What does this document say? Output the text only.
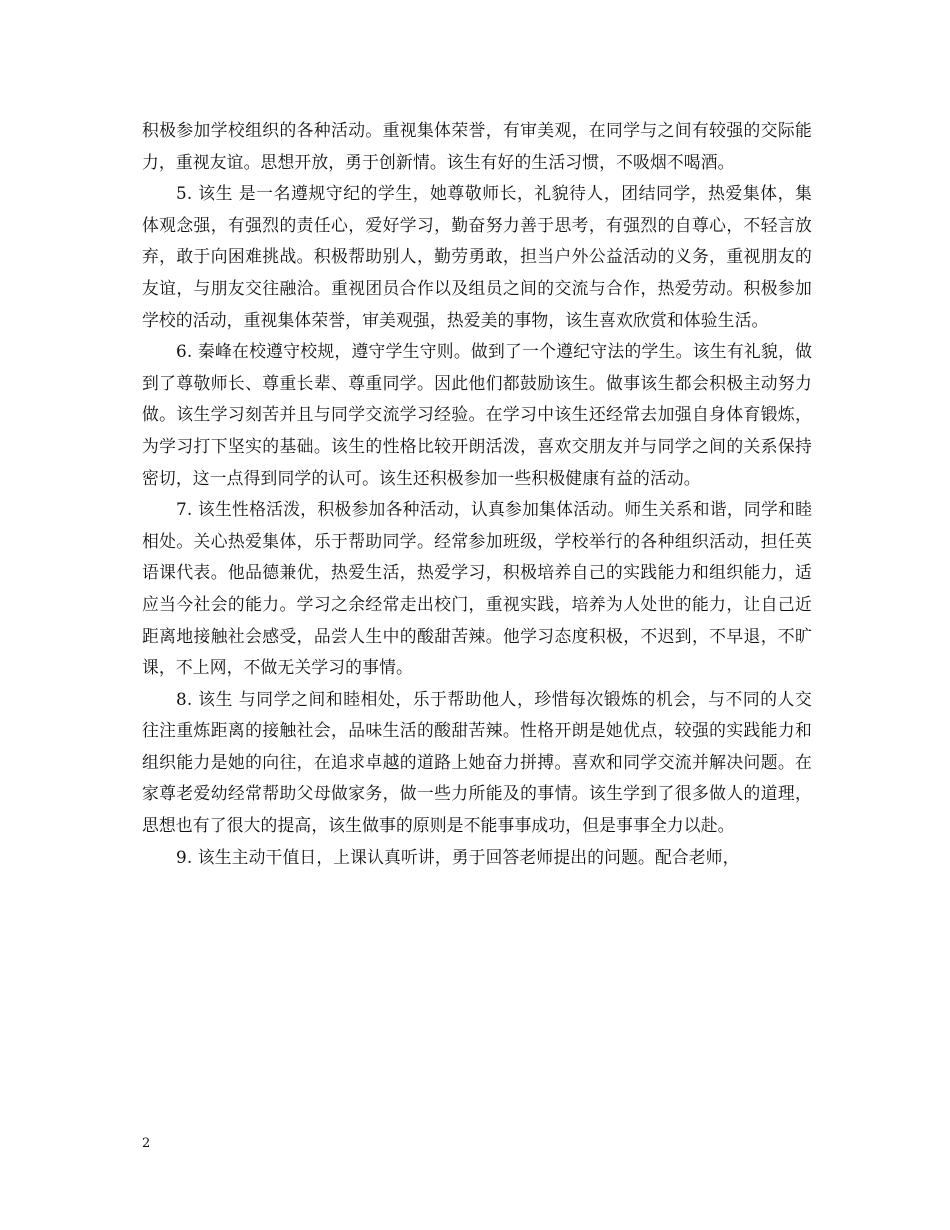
积极参加学校组织的各种活动。重视集体荣誉，有审美观，在同学与之间有较强的交际能力，重视友谊。思想开放，勇于创新情。该生有好的生活习惯，不吸烟不喝酒。

5. 该生 是一名遵规守纪的学生，她尊敬师长，礼貌待人，团结同学，热爱集体，集体观念强，有强烈的责任心，爱好学习，勤奋努力善于思考，有强烈的自尊心，不轻言放弃，敢于向困难挑战。积极帮助别人，勤劳勇敢，担当户外公益活动的义务，重视朋友的友谊，与朋友交往融洽。重视团员合作以及组员之间的交流与合作，热爱劳动。积极参加学校的活动，重视集体荣誉，审美观强，热爱美的事物，该生喜欢欣赏和体验生活。

6. 秦峰在校遵守校规，遵守学生守则。做到了一个遵纪守法的学生。该生有礼貌，做到了尊敬师长、尊重长辈、尊重同学。因此他们都鼓励该生。做事该生都会积极主动努力做。该生学习刻苦并且与同学交流学习经验。在学习中该生还经常去加强自身体育锻炼，为学习打下坚实的基础。该生的性格比较开朗活泼，喜欢交朋友并与同学之间的关系保持密切，这一点得到同学的认可。该生还积极参加一些积极健康有益的活动。

7. 该生性格活泼，积极参加各种活动，认真参加集体活动。师生关系和谐，同学和睦相处。关心热爱集体，乐于帮助同学。经常参加班级，学校举行的各种组织活动，担任英语课代表。他品德兼优，热爱生活，热爱学习，积极培养自己的实践能力和组织能力，适应当今社会的能力。学习之余经常走出校门，重视实践，培养为人处世的能力，让自己近距离地接触社会感受，品尝人生中的酸甜苦辣。他学习态度积极，不迟到，不早退，不旷课，不上网，不做无关学习的事情。

8. 该生 与同学之间和睦相处，乐于帮助他人，珍惜每次锻炼的机会，与不同的人交往注重炼距离的接触社会，品味生活的酸甜苦辣。性格开朗是她优点，较强的实践能力和组织能力是她的向往，在追求卓越的道路上她奋力拼搏。喜欢和同学交流并解决问题。在家尊老爱幼经常帮助父母做家务，做一些力所能及的事情。该生学到了很多做人的道理，思想也有了很大的提高，该生做事的原则是不能事事成功，但是事事全力以赴。

9. 该生主动干值日，上课认真听讲，勇于回答老师提出的问题。配合老师，

2
